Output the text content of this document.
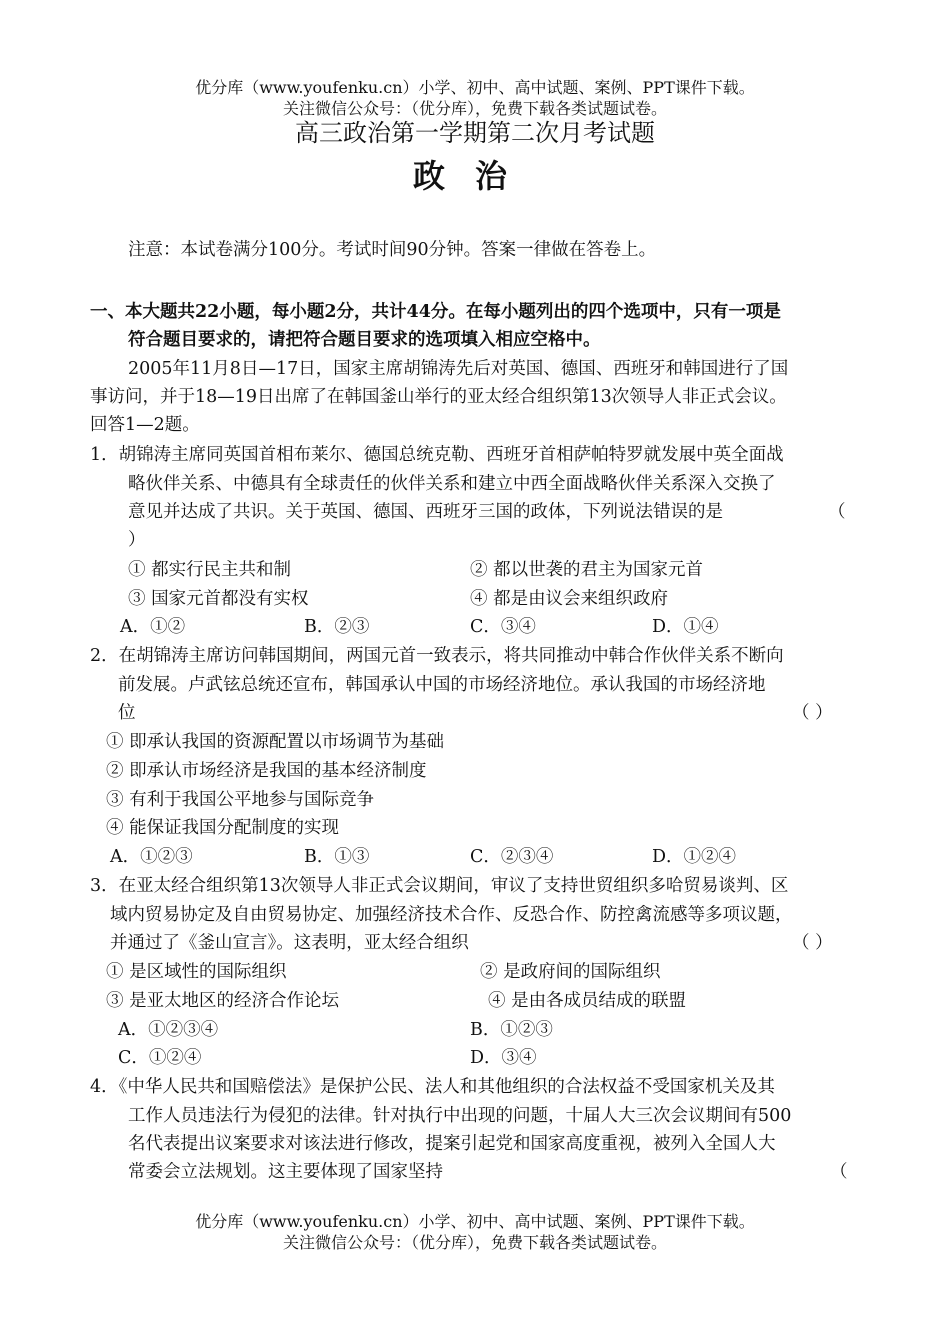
优分库（www.youfenku.cn）小学、初中、高中试题、案例、PPT课件下载。
关注微信公众号：（优分库），免费下载各类试题试卷。
高三政治第一学期第二次月考试题
政治
注意：本试卷满分100分。考试时间90分钟。答案一律做在答卷上。
一、本大题共22小题，每小题2分，共计44分。在每小题列出的四个选项中，只有一项是
符合题目要求的，请把符合题目要求的选项填入相应空格中。
2005年11月8日—17日，国家主席胡锦涛先后对英国、德国、西班牙和韩国进行了国
事访问，并于18—19日出席了在韩国釜山举行的亚太经合组织第13次领导人非正式会议。
回答1—2题。
1．胡锦涛主席同英国首相布莱尔、德国总统克勒、西班牙首相萨帕特罗就发展中英全面战
略伙伴关系、中德具有全球责任的伙伴关系和建立中西全面战略伙伴关系深入交换了
意见并达成了共识。关于英国、德国、西班牙三国的政体，下列说法错误的是	（
）
① 都实行民主共和制	② 都以世袭的君主为国家元首
③ 国家元首都没有实权	④ 都是由议会来组织政府
A．①②	B．②③	C．③④	D．①④
2．在胡锦涛主席访问韩国期间，两国元首一致表示，将共同推动中韩合作伙伴关系不断向
前发展。卢武铉总统还宣布，韩国承认中国的市场经济地位。承认我国的市场经济地
位	（ ）
① 即承认我国的资源配置以市场调节为基础
② 即承认市场经济是我国的基本经济制度
③ 有利于我国公平地参与国际竞争
④ 能保证我国分配制度的实现
A．①②③	B．①③	C．②③④	D．①②④
3．在亚太经合组织第13次领导人非正式会议期间，审议了支持世贸组织多哈贸易谈判、区
域内贸易协定及自由贸易协定、加强经济技术合作、反恐合作、防控禽流感等多项议题，
并通过了《釜山宣言》。这表明，亚太经合组织	（ ）
① 是区域性的国际组织	② 是政府间的国际组织
③ 是亚太地区的经济合作论坛	④ 是由各成员结成的联盟
A．①②③④	B．①②③
C．①②④	D．③④
4．《中华人民共和国赔偿法》是保护公民、法人和其他组织的合法权益不受国家机关及其
工作人员违法行为侵犯的法律。针对执行中出现的问题，十届人大三次会议期间有500
名代表提出议案要求对该法进行修改，提案引起党和国家高度重视，被列入全国人大
常委会立法规划。这主要体现了国家坚持	（
优分库（www.youfenku.cn）小学、初中、高中试题、案例、PPT课件下载。
关注微信公众号：（优分库），免费下载各类试题试卷。
